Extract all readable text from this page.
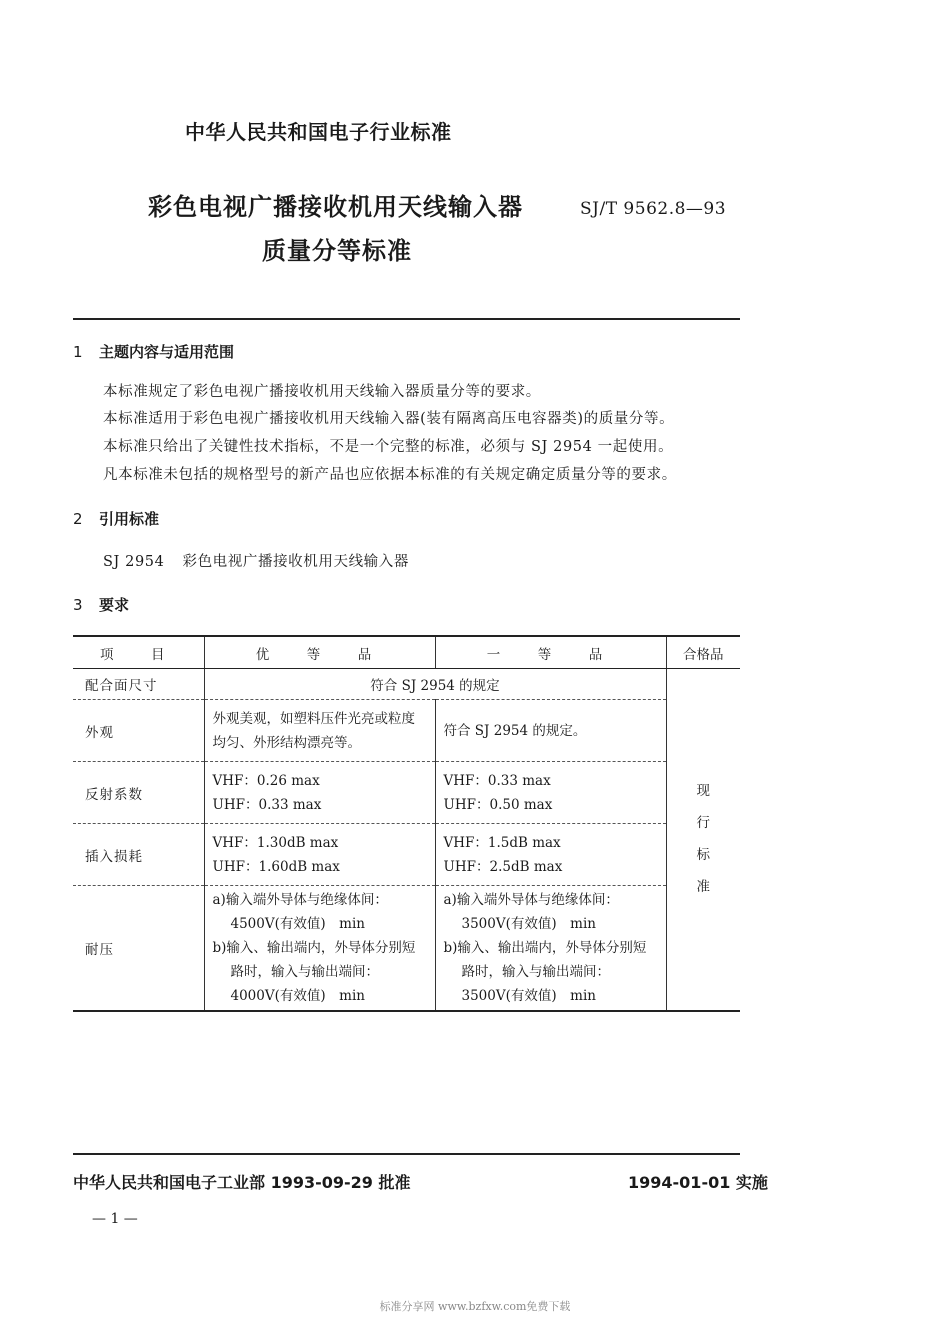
中华人民共和国电子行业标准
彩色电视广播接收机用天线输入器
质量分等标准
SJ/T 9562.8—93
1 主题内容与适用范围
本标准规定了彩色电视广播接收机用天线输入器质量分等的要求。
本标准适用于彩色电视广播接收机用天线输入器(装有隔离高压电容器类)的质量分等。
本标准只给出了关键性技术指标，不是一个完整的标准，必须与 SJ 2954 一起使用。
凡本标准未包括的规格型号的新产品也应依据本标准的有关规定确定质量分等的要求。
2 引用标准
SJ 2954 彩色电视广播接收机用天线输入器
3 要求
项　目	优　等　品	一　等　品	合格品
配合面尺寸	符合 SJ 2954 的规定		现
行
标
准

外观	外观美观，如塑料压件光亮或粒度
均匀、外形结构漂亮等。	符合 SJ 2954 的规定。	

反射系数	VHF：0.26 max
UHF：0.33 max	VHF：0.33 max
UHF：0.50 max	

插入损耗	VHF：1.30dB max
UHF：1.60dB max	VHF：1.5dB max
UHF：2.5dB max	

耐压	a)输入端外导体与绝缘体间：
4500V(有效值)　min
b)输入、输出端内，外导体分别短
路时，输入与输出端间：
4000V(有效值)　min	a)输入端外导体与绝缘体间：
3500V(有效值)　min
b)输入、输出端内，外导体分别短
路时，输入与输出端间：
3500V(有效值)　min	
中华人民共和国电子工业部 1993-09-29 批准	1994-01-01 实施
— 1 —
标准分享网 www.bzfxw.com免费下载
